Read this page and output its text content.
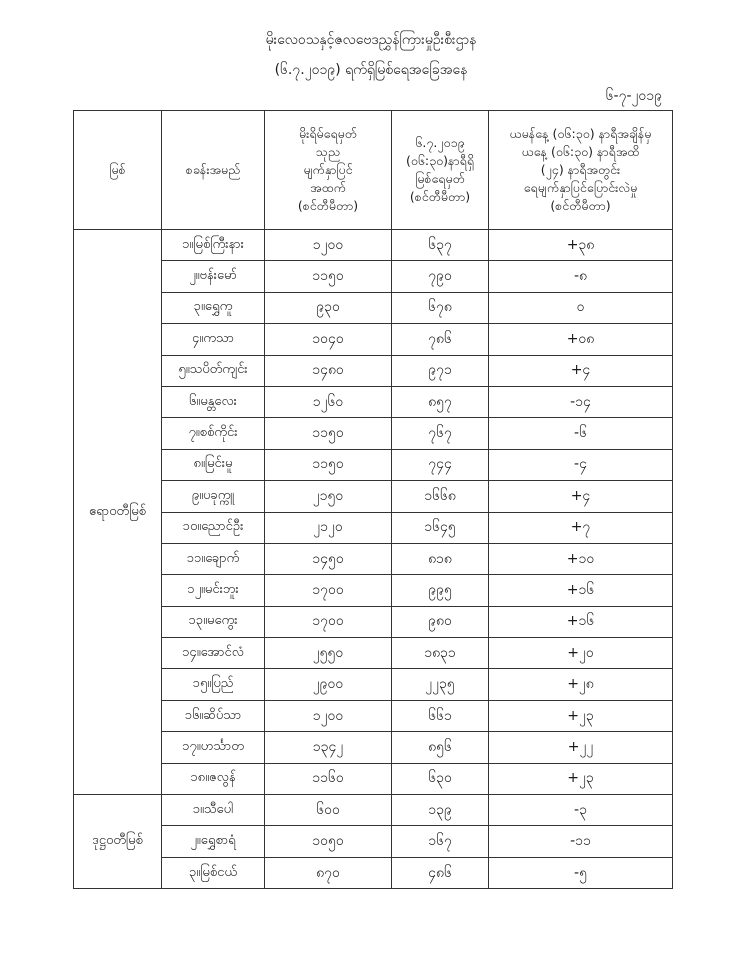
မိုးလေဝသနှင့်ဇလဗေဒညွှန်ကြားမှုဦးစီးဌာန
(၆.၇.၂၀၁၉) ရက်ရှိမြစ်ရေအခြေအနေ
၆-၇-၂၀၁၉
မြစ်	စခန်းအမည်	မိုးရိမ်ရေမှတ်
သုည
မျက်နှာပြင်
အထက်
(စင်တီမီတာ)	၆.၇.၂၀၁၉
(၀၆:၃၀)နာရီရှိ
မြစ်ရေမှတ်
(စင်တီမီတာ)	ယမန်နေ့ (၀၆:၃၀) နာရီအချိန်မှ
ယနေ့ (၀၆:၃၀) နာရီအထိ
(၂၄) နာရီအတွင်း
ရေမျက်နှာပြင်ပြောင်းလဲမှု
(စင်တီမီတာ)

ဧရာဝတီမြစ်	၁။မြစ်ကြီးနား	၁၂၀၀	၆၃၇	+၃၈
	၂။ဗန်းမော်	၁၁၅၀	၇၉၀	-၈
	၃။ရွှေကူ	၉၃၀	၆၇၈	၀
	၄။ကသာ	၁၀၄၀	၇၈၆	+၀၈
	၅။သပိတ်ကျင်း	၁၄၈၀	၉၇၁	+၄
	၆။မန္တလေး	၁၂၆၀	၈၅၇	-၁၄
	၇။စစ်ကိုင်း	၁၁၅၀	၇၆၇	-၆
	၈။မြင်းမူ	၁၁၅၀	၇၄၄	-၄
	၉။ပခုက္ကူ	၂၁၅၀	၁၆၆၈	+၄
	၁၀။ညောင်ဦး	၂၁၂၀	၁၆၄၅	+၇
	၁၁။ချောက်	၁၄၅၀	၈၁၈	+၁၀
	၁၂။မင်းဘူး	၁၇၀၀	၉၉၅	+၁၆
	၁၃။မကွေး	၁၇၀၀	၉၈၀	+၁၆
	၁၄။အောင်လံ	၂၅၅၀	၁၈၃၁	+၂၀
	၁၅။ပြည်	၂၉၀၀	၂၂၃၅	+၂၈
	၁၆။ဆိပ်သာ	၁၂၀၀	၆၆၁	+၂၃
	၁၇။ဟင်္သာတ	၁၃၄၂	၈၅၆	+၂၂
	၁၈။ဇလွန်	၁၁၆၀	၆၃၀	+၂၃
ဒုဋ္ဌဝတီမြစ်	၁။သီပေါ	၆၀၀	၁၃၉	-၃
	၂။ရွှေစာရံ	၁၀၅၀	၁၆၇	-၁၁
	၃။မြစ်ငယ်	၈၇၀	၄၈၆	-၅
